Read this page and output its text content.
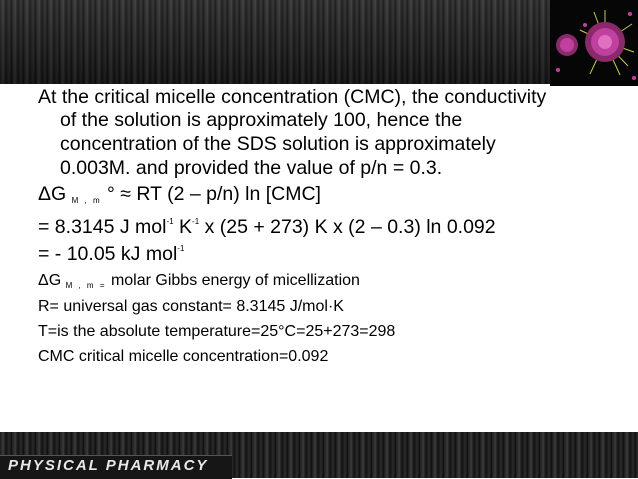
PHYSICAL PHARMACY
At the critical micelle concentration (CMC), the conductivity
of the solution is approximately 100, hence the
concentration of the SDS solution is approximately
0.003M. and provided the value of p/n = 0.3.
ΔG $_{M , m}$ ° ≈ RT (2 – p/n) ln [CMC]
= 8.3145 J mol$^{-1}$ $K^{-1}$ x (25 + 273) K x (2 – 0.3) ln 0.092
= - 10.05 kJ mol$^{-1}$
ΔG $_{M , m =}$ molar Gibbs energy of micellization
R= universal gas constant= 8.3145 J/mol·K
T=is the absolute temperature=25°C=25+273=298
CMC critical micelle concentration=0.092
